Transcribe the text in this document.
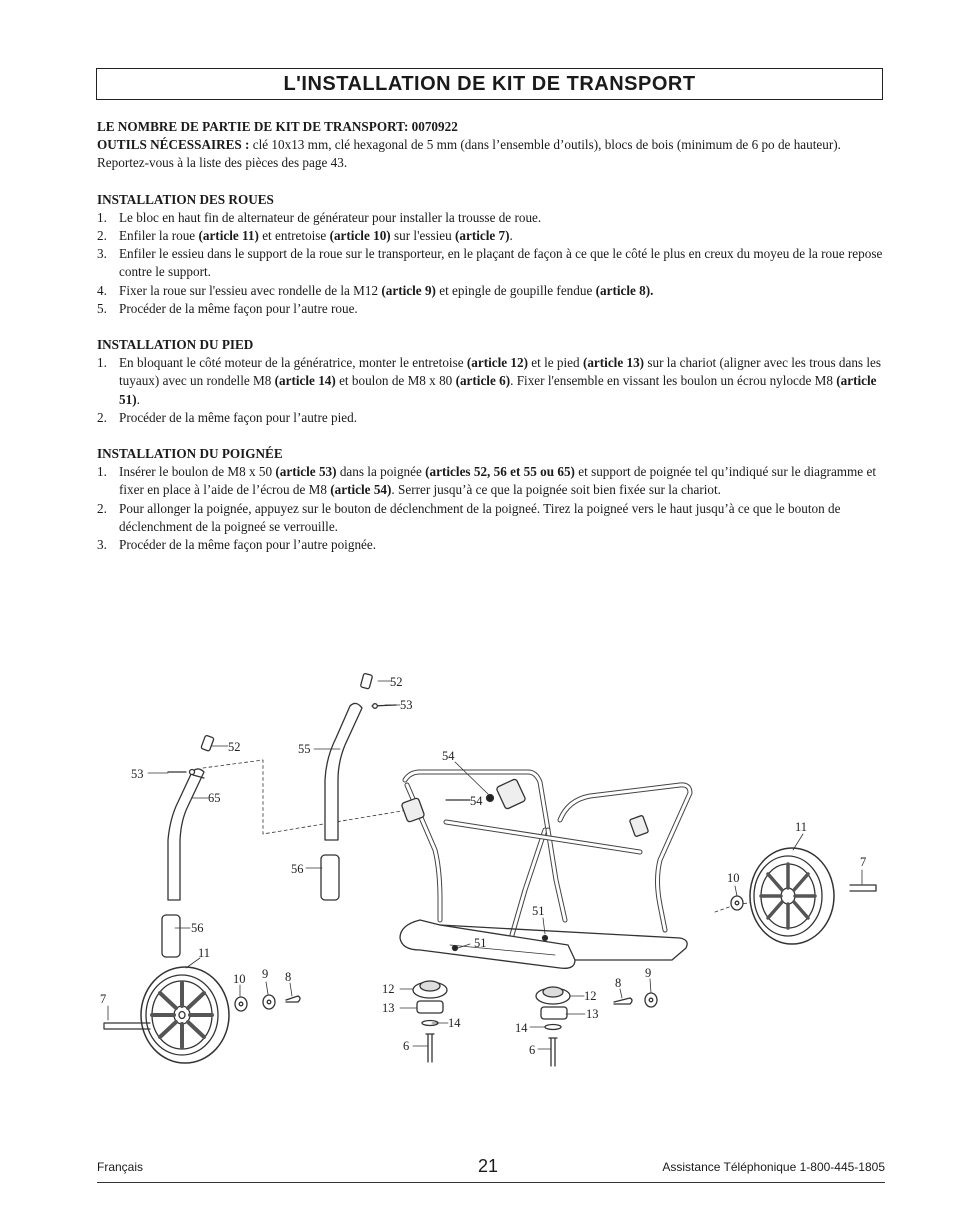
L'INSTALLATION DE KIT DE TRANSPORT

LE NOMBRE DE PARTIE DE KIT DE TRANSPORT: 0070922

OUTILS NÉCESSAIRES : clé 10x13 mm, clé hexagonal de 5 mm (dans l’ensemble d’outils), blocs de bois (minimum de 6 po de hauteur). Reportez-vous à la liste des pièces des page 43.

INSTALLATION DES ROUES

1. Le bloc en haut fin de alternateur de générateur pour installer la trousse de roue.
2. Enfiler la roue (article 11) et entretoise (article 10) sur l'essieu (article 7).
3. Enfiler le essieu dans le support de la roue sur le transporteur, en le plaçant de façon à ce que le côté le plus en creux du moyeu de la roue repose contre le support.
4. Fixer la roue sur l'essieu avec rondelle de la M12 (article 9) et epingle de goupille fendue (article 8).
5. Procéder de la même façon pour l’autre roue.

INSTALLATION DU PIED

1. En bloquant le côté moteur de la génératrice, monter le entretoise (article 12) et le pied (article 13) sur la chariot (aligner avec les trous dans les tuyaux) avec un rondelle M8 (article 14) et boulon de M8 x 80 (article 6). Fixer l'ensemble en vissant les boulon un écrou nylocde M8 (article 51).
2. Procéder de la même façon pour l’autre pied.

INSTALLATION DU POIGNÉE

1. Insérer le boulon de M8 x 50 (article 53) dans la poignée (articles 52, 56 et 55 ou 65) et support de poignée tel qu’indiqué sur le diagramme et fixer en place à l’aide de l’écrou de M8 (article 54). Serrer jusqu’à ce que la poignée soit bien fixée sur la chariot.
2. Pour allonger la poignée, appuyez sur le bouton de déclenchment de la poigneé. Tirez la poigneé vers le haut jusqu’à ce que le bouton de déclenchment de la poigneé se verrouille.
3. Procéder de la même façon pour l’autre poignée.
52
53
55
56
52
53
65
56
11
10 9 8
7
54
54
51
51
12
13
14
6
12
13
14
6
8
9
11
10
7
Français	21	Assistance Téléphonique 1-800-445-1805
